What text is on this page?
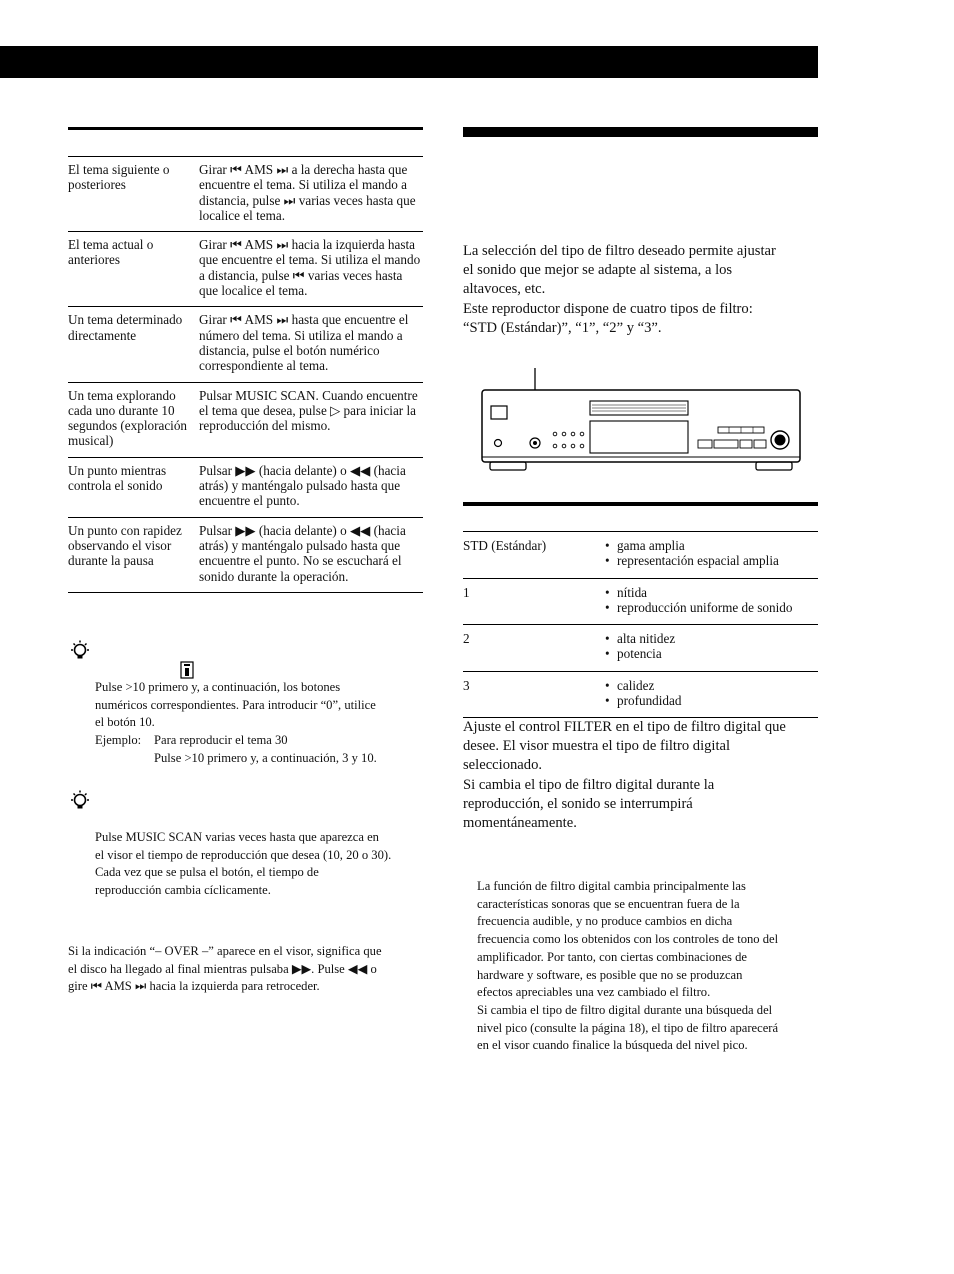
El tema siguiente o posteriores	Girar ⏮ AMS ⏭ a la derecha hasta que encuentre el tema. Si utiliza el mando a distancia, pulse ⏭ varias veces hasta que localice el tema.
El tema actual o anteriores	Girar ⏮ AMS ⏭ hacia la izquierda hasta que encuentre el tema. Si utiliza el mando a distancia, pulse ⏮ varias veces hasta que localice el tema.
Un tema determinado directamente	Girar ⏮ AMS ⏭ hasta que encuentre el número del tema. Si utiliza el mando a distancia, pulse el botón numérico correspondiente al tema.
Un tema explorando cada uno durante 10 segundos (exploración musical)	Pulsar MUSIC SCAN. Cuando encuentre el tema que desea, pulse ▷ para iniciar la reproducción del mismo.
Un punto mientras controla el sonido	Pulsar ▶▶ (hacia delante) o ◀◀ (hacia atrás) y manténgalo pulsado hasta que encuentre el punto.
Un punto con rapidez observando el visor durante la pausa	Pulsar ▶▶ (hacia delante) o ◀◀ (hacia atrás) y manténgalo pulsado hasta que encuentre el punto. No se escuchará el sonido durante la operación.
Pulse >10 primero y, a continuación, los botones
numéricos correspondientes. Para introducir “0”, utilice
el botón 10.
Ejemplo: Para reproducir el tema 30
Pulse >10 primero y, a continuación, 3 y 10.
Pulse MUSIC SCAN varias veces hasta que aparezca en
el visor el tiempo de reproducción que desea (10, 20 o 30).
Cada vez que se pulsa el botón, el tiempo de
reproducción cambia cíclicamente.
Si la indicación “– OVER –” aparece en el visor, significa que
el disco ha llegado al final mientras pulsaba ▶▶. Pulse ◀◀ o
gire ⏮ AMS ⏭ hacia la izquierda para retroceder.
La selección del tipo de filtro deseado permite ajustar
el sonido que mejor se adapte al sistema, a los
altavoces, etc.
Este reproductor dispone de cuatro tipos de filtro:
“STD (Estándar)”, “1”, “2” y “3”.
STD (Estándar)	• gama amplia
• representación espacial amplia

1	• nítida
• reproducción uniforme de sonido

2	• alta nitidez
• potencia

3	• calidez
• profundidad
Ajuste el control FILTER en el tipo de filtro digital que
desee. El visor muestra el tipo de filtro digital
seleccionado.
Si cambia el tipo de filtro digital durante la
reproducción, el sonido se interrumpirá
momentáneamente.
La función de filtro digital cambia principalmente las
características sonoras que se encuentran fuera de la
frecuencia audible, y no produce cambios en dicha
frecuencia como los obtenidos con los controles de tono del
amplificador. Por tanto, con ciertas combinaciones de
hardware y software, es posible que no se produzcan
efectos apreciables una vez cambiado el filtro.
Si cambia el tipo de filtro digital durante una búsqueda del
nivel pico (consulte la página 18), el tipo de filtro aparecerá
en el visor cuando finalice la búsqueda del nivel pico.
